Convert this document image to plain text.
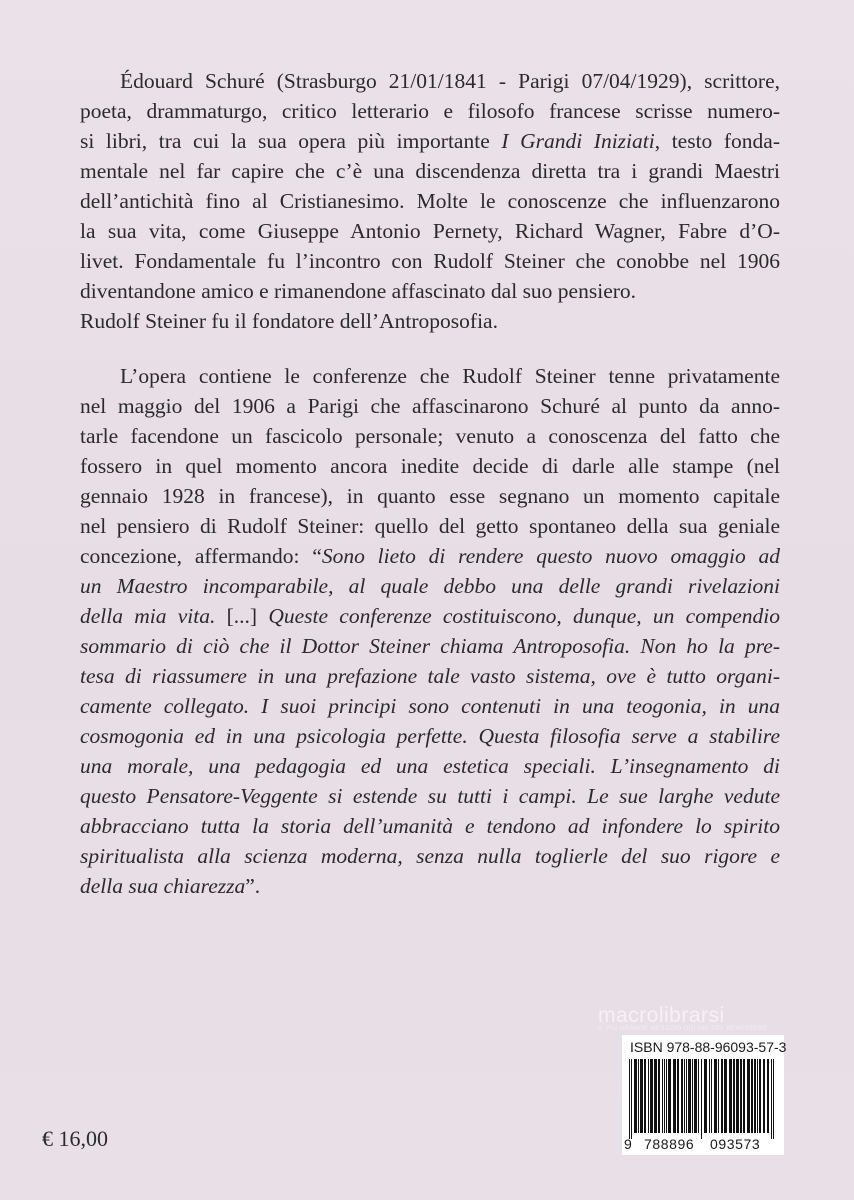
Édouard Schuré (Strasburgo 21/01/1841 - Parigi 07/04/1929), scrittore,
poeta, drammaturgo, critico letterario e filosofo francese scrisse numero-
si libri, tra cui la sua opera più importante I Grandi Iniziati, testo fonda-
mentale nel far capire che c’è una discendenza diretta tra i grandi Maestri
dell’antichità fino al Cristianesimo. Molte le conoscenze che influenzarono
la sua vita, come Giuseppe Antonio Pernety, Richard Wagner, Fabre d’O-
livet. Fondamentale fu l’incontro con Rudolf Steiner che conobbe nel 1906
diventandone amico e rimanendone affascinato dal suo pensiero.
Rudolf Steiner fu il fondatore dell’Antroposofia.
L’opera contiene le conferenze che Rudolf Steiner tenne privatamente
nel maggio del 1906 a Parigi che affascinarono Schuré al punto da anno-
tarle facendone un fascicolo personale; venuto a conoscenza del fatto che
fossero in quel momento ancora inedite decide di darle alle stampe (nel
gennaio 1928 in francese), in quanto esse segnano un momento capitale
nel pensiero di Rudolf Steiner: quello del getto spontaneo della sua geniale
concezione, affermando: “Sono lieto di rendere questo nuovo omaggio ad
un Maestro incomparabile, al quale debbo una delle grandi rivelazioni
della mia vita. [...] Queste conferenze costituiscono, dunque, un compendio
sommario di ciò che il Dottor Steiner chiama Antroposofia. Non ho la pre-
tesa di riassumere in una prefazione tale vasto sistema, ove è tutto organi-
camente collegato. I suoi principi sono contenuti in una teogonia, in una
cosmogonia ed in una psicologia perfette. Questa filosofia serve a stabilire
una morale, una pedagogia ed una estetica speciali. L’insegnamento di
questo Pensatore-Veggente si estende su tutti i campi. Le sue larghe vedute
abbracciano tutta la storia dell’umanità e tendono ad infondere lo spirito
spiritualista alla scienza moderna, senza nulla toglierle del suo rigore e
della sua chiarezza”.
macrolibrarsi
IL PIÙ GRANDE NEGOZIO ONLINE DEL BENESSERE
ISBN 978-88-96093-57-3
9 788896 093573
€ 16,00
